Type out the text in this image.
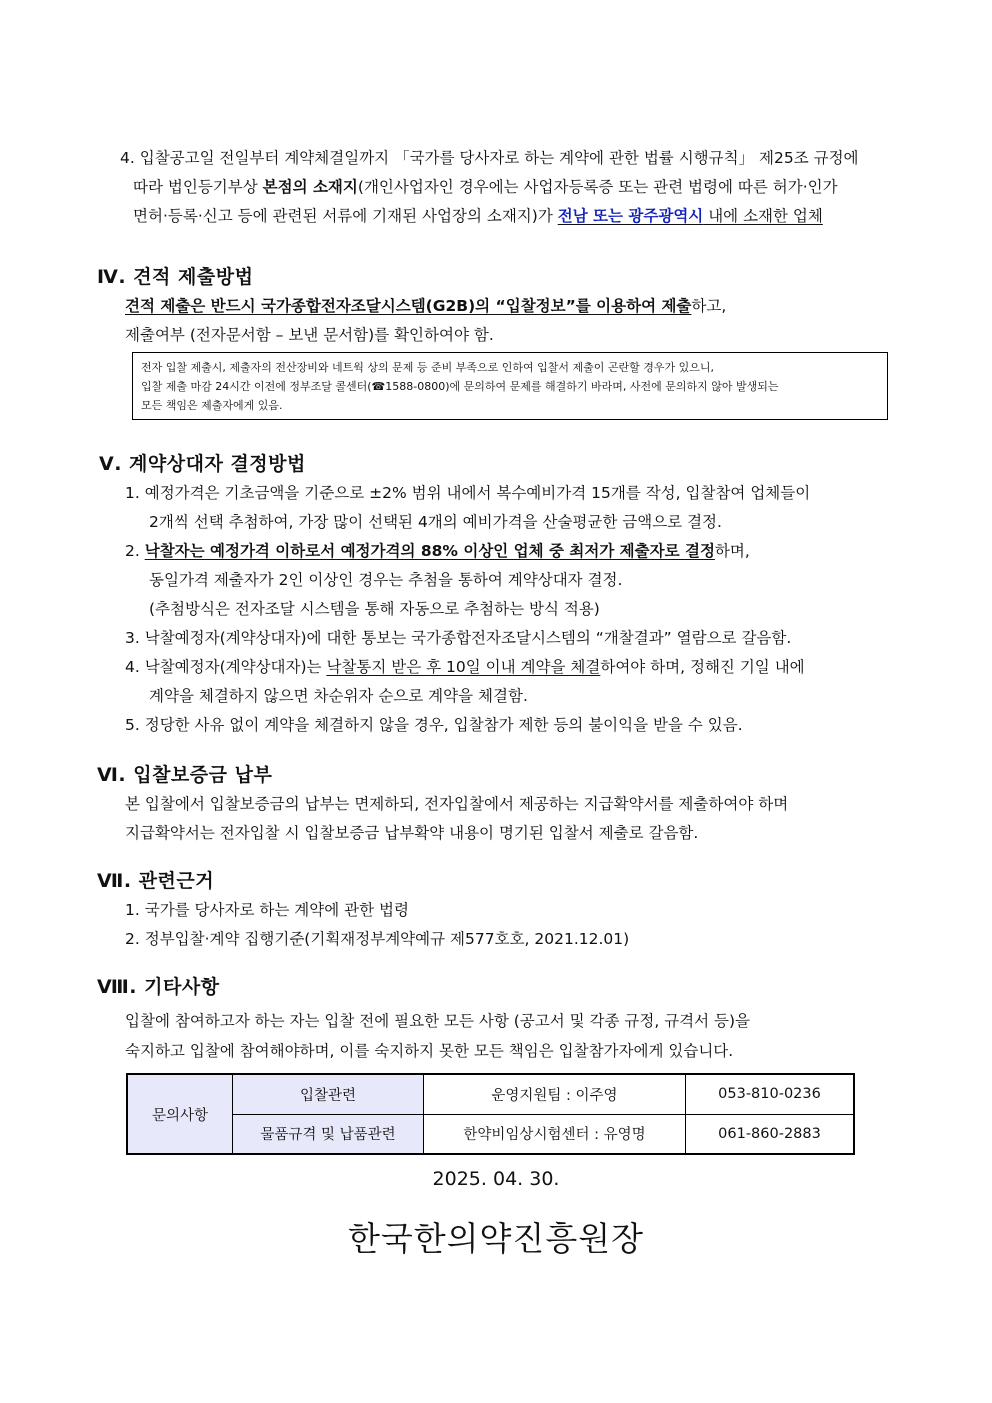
4. 입찰공고일 전일부터 계약체결일까지 「국가를 당사자로 하는 계약에 관한 법률 시행규칙」 제25조 규정에
따라 법인등기부상 본점의 소재지(개인사업자인 경우에는 사업자등록증 또는 관련 법령에 따른 허가·인가
면허·등록·신고 등에 관련된 서류에 기재된 사업장의 소재지)가 전남 또는 광주광역시 내에 소재한 업체
Ⅳ. 견적 제출방법
견적 제출은 반드시 국가종합전자조달시스템(G2B)의 “입찰정보”를 이용하여 제출하고,
제출여부 (전자문서함 – 보낸 문서함)를 확인하여야 함.
전자 입찰 제출시, 제출자의 전산장비와 네트웍 상의 문제 등 준비 부족으로 인하여 입찰서 제출이 곤란할 경우가 있으니,
입찰 제출 마감 24시간 이전에 정부조달 콜센터(☎1588-0800)에 문의하여 문제를 해결하기 바라며, 사전에 문의하지 않아 발생되는
모든 책임은 제출자에게 있음.
Ⅴ. 계약상대자 결정방법
1. 예정가격은 기초금액을 기준으로 ±2% 범위 내에서 복수예비가격 15개를 작성, 입찰참여 업체들이
2개씩 선택 추첨하여, 가장 많이 선택된 4개의 예비가격을 산술평균한 금액으로 결정.
2. 낙찰자는 예정가격 이하로서 예정가격의 88% 이상인 업체 중 최저가 제출자로 결정하며,
동일가격 제출자가 2인 이상인 경우는 추첨을 통하여 계약상대자 결정.
(추첨방식은 전자조달 시스템을 통해 자동으로 추첨하는 방식 적용)
3. 낙찰예정자(계약상대자)에 대한 통보는 국가종합전자조달시스템의 “개찰결과” 열람으로 갈음함.
4. 낙찰예정자(계약상대자)는 낙찰통지 받은 후 10일 이내 계약을 체결하여야 하며, 정해진 기일 내에
계약을 체결하지 않으면 차순위자 순으로 계약을 체결함.
5. 정당한 사유 없이 계약을 체결하지 않을 경우, 입찰참가 제한 등의 불이익을 받을 수 있음.
Ⅵ. 입찰보증금 납부
본 입찰에서 입찰보증금의 납부는 면제하되, 전자입찰에서 제공하는 지급확약서를 제출하여야 하며
지급확약서는 전자입찰 시 입찰보증금 납부확약 내용이 명기된 입찰서 제출로 갈음함.
Ⅶ. 관련근거
1. 국가를 당사자로 하는 계약에 관한 법령
2. 정부입찰·계약 집행기준(기획재정부계약예규 제577호호, 2021.12.01)
Ⅷ. 기타사항
입찰에 참여하고자 하는 자는 입찰 전에 필요한 모든 사항 (공고서 및 각종 규정, 규격서 등)을
숙지하고 입찰에 참여해야하며, 이를 숙지하지 못한 모든 책임은 입찰참가자에게 있습니다.
문의사항	입찰관련	운영지원팀 : 이주영	053-810-0236
	물품규격 및 납품관련	한약비임상시험센터 : 유영명	061-860-2883
2025. 04. 30.
한국한의약진흥원장
